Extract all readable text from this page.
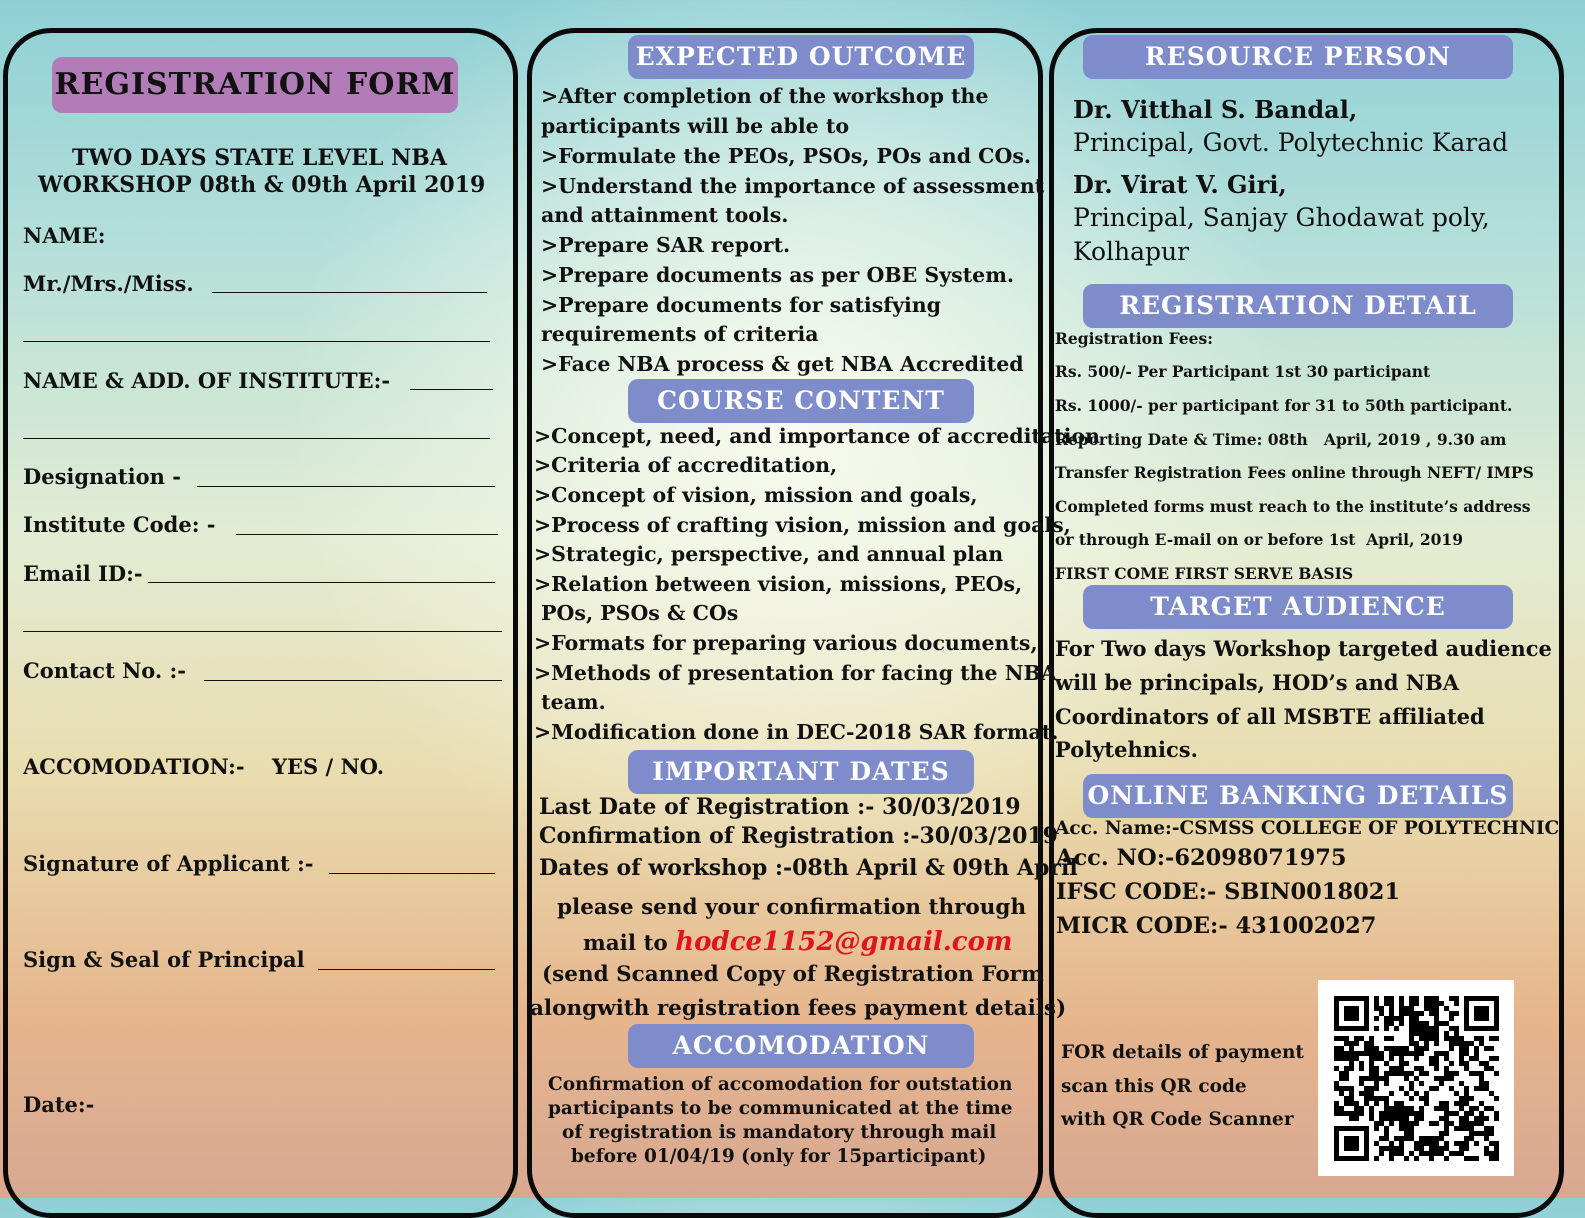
REGISTRATION FORM
TWO DAYS STATE LEVEL NBA
WORKSHOP 08th & 09th April 2019
NAME:
Mr./Mrs./Miss.
NAME & ADD. OF INSTITUTE:-
Designation -
Institute Code: -
Email ID:-
Contact No. :-
ACCOMODATION:- YES / NO.
Signature of Applicant :-
Sign & Seal of Principal
Date:-
EXPECTED OUTCOME
>After completion of the workshop the
participants will be able to
>Formulate the PEOs, PSOs, POs and COs.
>Understand the importance of assessment
and attainment tools.
>Prepare SAR report.
>Prepare documents as per OBE System.
>Prepare documents for satisfying
requirements of criteria
>Face NBA process & get NBA Accredited
COURSE CONTENT
>Concept, need, and importance of accreditation
>Criteria of accreditation,
>Concept of vision, mission and goals,
>Process of crafting vision, mission and goals,
>Strategic, perspective, and annual plan
>Relation between vision, missions, PEOs,
POs, PSOs & COs
>Formats for preparing various documents,
>Methods of presentation for facing the NBA
team.
>Modification done in DEC-2018 SAR format.
IMPORTANT DATES
Last Date of Registration :- 30/03/2019
Confirmation of Registration :-30/03/2019
Dates of workshop :-08th April & 09th April
please send your confirmation through
mail to hodce1152@gmail.com
(send Scanned Copy of Registration Form
alongwith registration fees payment details)
ACCOMODATION
Confirmation of accomodation for outstation
participants to be communicated at the time
of registration is mandatory through mail
before 01/04/19 (only for 15participant)
RESOURCE PERSON
Dr. Vitthal S. Bandal,
Principal, Govt. Polytechnic Karad
Dr. Virat V. Giri,
Principal, Sanjay Ghodawat poly,
Kolhapur
REGISTRATION DETAIL
Registration Fees:
Rs. 500/- Per Participant 1st 30 participant
Rs. 1000/- per participant for 31 to 50th participant.
Reporting Date & Time: 08th   April, 2019 , 9.30 am
Transfer Registration Fees online through NEFT/ IMPS
Completed forms must reach to the institute’s address
or through E-mail on or before 1st  April, 2019
FIRST COME FIRST SERVE BASIS
TARGET AUDIENCE
For Two days Workshop targeted audience
will be principals, HOD’s and NBA
Coordinators of all MSBTE affiliated
Polytehnics.
ONLINE BANKING DETAILS
Acc. Name:-CSMSS COLLEGE OF POLYTECHNIC
Acc. NO:-62098071975
IFSC CODE:- SBIN0018021
MICR CODE:- 431002027
FOR details of payment
scan this QR code
with QR Code Scanner
